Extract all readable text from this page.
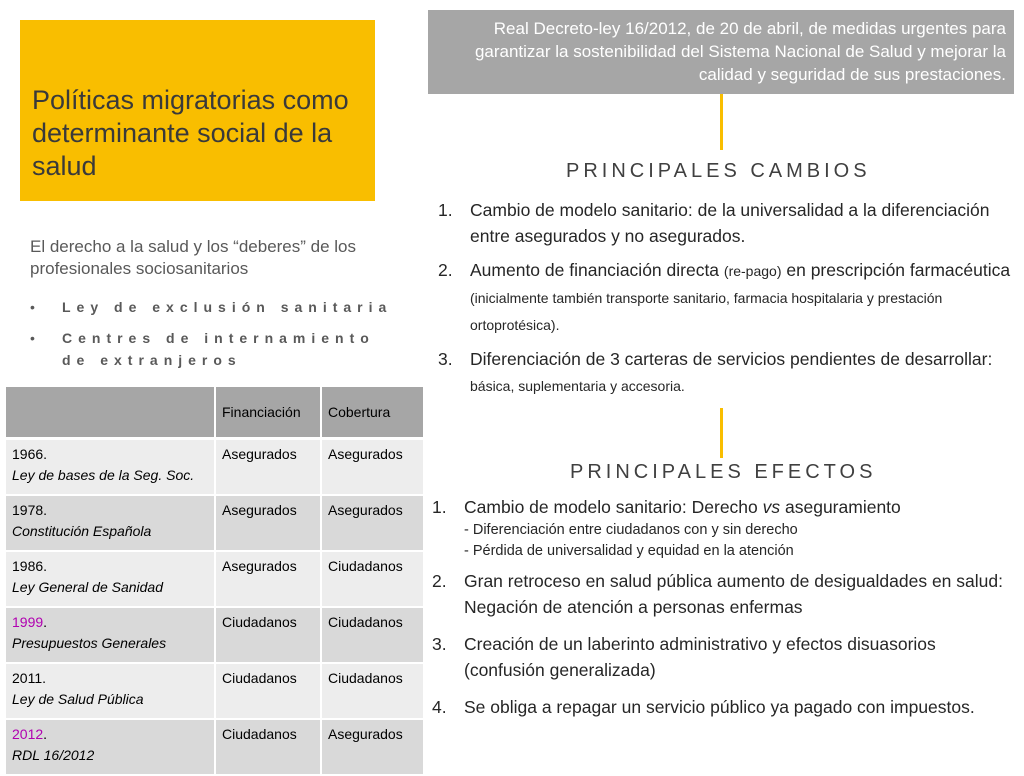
Políticas migratorias como determinante social de la salud
El derecho a la salud y los “deberes” de los profesionales sociosanitarios
• Ley de exclusión sanitaria
• Centres de internamiento de extranjeros
	Financiación	Cobertura
1966.
Ley de bases de la Seg. Soc.	Asegurados	Asegurados
1978.
Constitución Española	Asegurados	Asegurados
1986.
Ley General de Sanidad	Asegurados	Ciudadanos
1999.
Presupuestos Generales	Ciudadanos	Ciudadanos
2011.
Ley de Salud Pública	Ciudadanos	Ciudadanos
2012.
RDL 16/2012	Ciudadanos	Asegurados

Real Decreto-ley 16/2012, de 20 de abril, de medidas urgentes para garantizar la sostenibilidad del Sistema Nacional de Salud y mejorar la calidad y seguridad de sus prestaciones.

PRINCIPALES CAMBIOS
1. Cambio de modelo sanitario: de la universalidad a la diferenciación entre asegurados y no asegurados.
2. Aumento de financiación directa (re-pago) en prescripción farmacéutica (inicialmente también transporte sanitario, farmacia hospitalaria y prestación ortoprotésica).
3. Diferenciación de 3 carteras de servicios pendientes de desarrollar: básica, suplementaria y accesoria.
PRINCIPALES EFECTOS
1. Cambio de modelo sanitario: Derecho vs aseguramiento
- Diferenciación entre ciudadanos con y sin derecho
- Pérdida de universalidad y equidad en la atención
2. Gran retroceso en salud pública aumento de desigualdades en salud: Negación de atención a personas enfermas
3. Creación de un laberinto administrativo y efectos disuasorios (confusión generalizada)
4. Se obliga a repagar un servicio público ya pagado con impuestos.
